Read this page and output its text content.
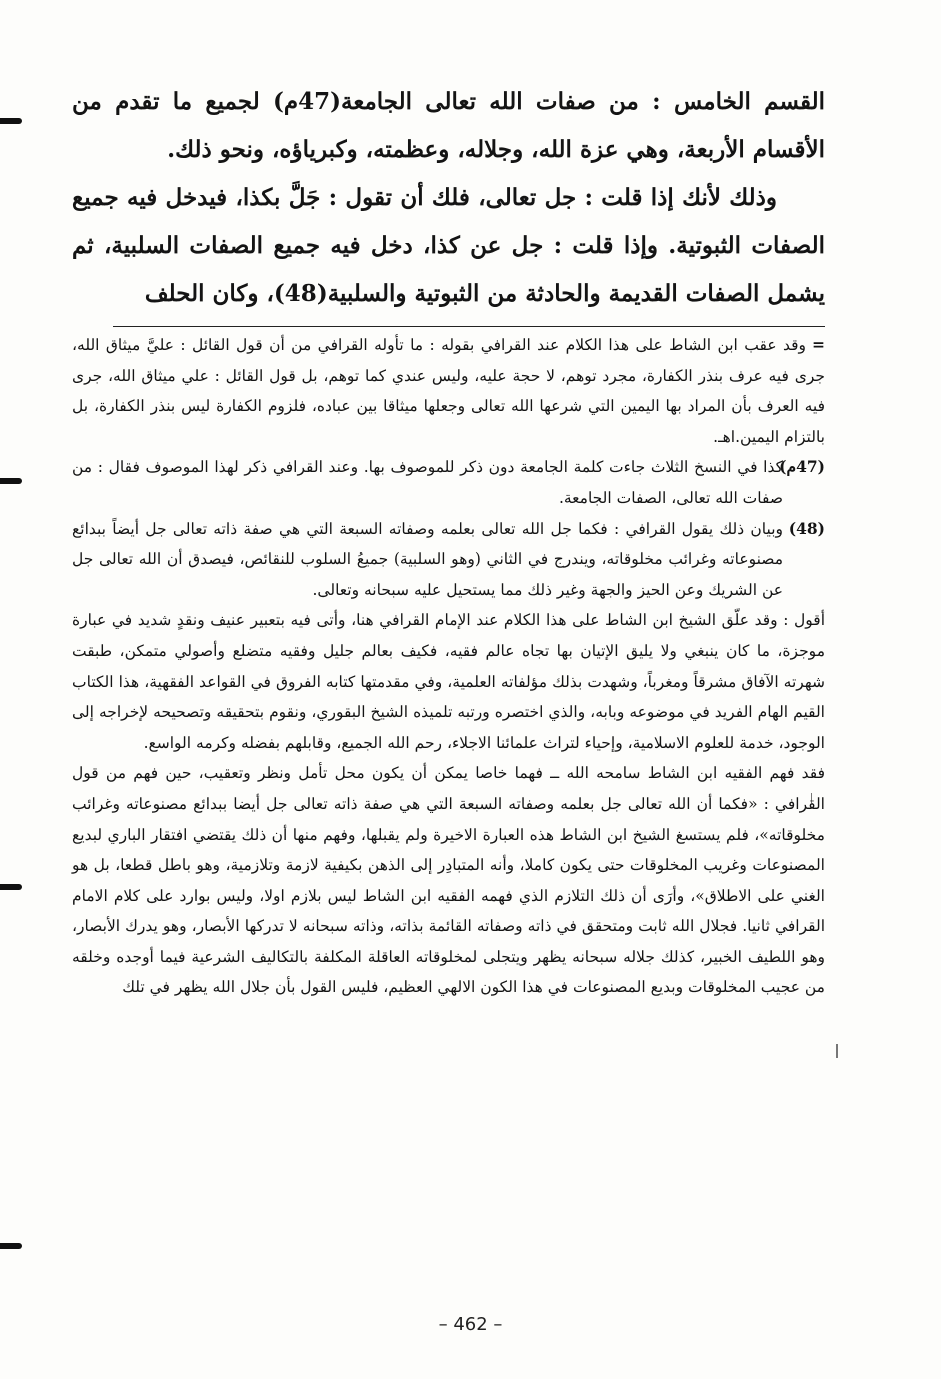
القسم الخامس : من صفات الله تعالى الجامعة(47م) لجميع ما تقدم من الأقسام الأربعة، وهي عزة الله، وجلاله، وعظمته، وكبرياؤه، ونحو ذلك.

وذلك لأنك إذا قلت : جل تعالى، فلك أن تقول : جَلَّ بكذا، فيدخل فيه جميع الصفات الثبوتية. وإذا قلت : جل عن كذا، دخل فيه جميع الصفات السلبية، ثم يشمل الصفات القديمة والحادثة من الثبوتية والسلبية(48)، وكان الحلف

=وقد عقب ابن الشاط على هذا الكلام عند القرافي بقوله : ما تأوله القرافي من أن قول القائل : عليَّ ميثاق الله، جرى فيه عرف بنذر الكفارة، مجرد توهم، لا حجة عليه، وليس عندي كما توهم، بل قول القائل : علي ميثاق الله، جرى فيه العرف بأن المراد بها اليمين التي شرعها الله تعالى وجعلها ميثاقا بين عباده، فلزوم الكفارة ليس بنذر الكفارة، بل بالتزام اليمين.اهـ.

(47م)
كذا في النسخ الثلاث جاءت كلمة الجامعة دون ذكر للموصوف بها. وعند القرافي ذكر لهذا الموصوف فقال : من صفات الله تعالى، الصفات الجامعة.

(48)
وبيان ذلك يقول القرافي : فكما جل الله تعالى بعلمه وصفاته السبعة التي هي صفة ذاته تعالى جل أيضاً ببدائع مصنوعاته وغرائب مخلوقاته، ويندرج في الثاني (وهو السلبية) جميعُ السلوب للنقائص، فيصدق أن الله تعالى جل عن الشريك وعن الحيز والجهة وغير ذلك مما يستحيل عليه سبحانه وتعالى.

أقول : وقد علّق الشيخ ابن الشاط على هذا الكلام عند الإمام القرافي هنا، وأتى فيه بتعبير عنيف ونقدٍ شديد في عبارة موجزة، ما كان ينبغي ولا يليق الإتيان بها تجاه عالم فقيه، فكيف بعالم جليل وفقيه متضلع وأصولي متمكن، طبقت شهرته الآفاق مشرقاً ومغرباً، وشهدت بذلك مؤلفاته العلمية، وفي مقدمتها كتابه الفروق في القواعد الفقهية، هذا الكتاب القيم الهام الفريد في موضوعه وبابه، والذي اختصره ورتبه تلميذه الشيخ البقوري، ونقوم بتحقيقه وتصحيحه لإخراجه إلى الوجود، خدمة للعلوم الاسلامية، وإحياء لتراث علمائنا الاجلاء، رحم الله الجميع، وقابلهم بفضله وكرمه الواسع.

فقد فهم الفقيه ابن الشاط سامحه الله ــ فهما خاصا يمكن أن يكون محل تأمل ونظر وتعقيب، حين فهم من قول القرافي : «فكما أن الله تعالى جل بعلمه وصفاته السبعة التي هي صفة ذاته تعالى جل أيضا ببدائع مصنوعاته وغرائب مخلوقاته»، فلم يستسغ الشيخ ابن الشاط هذه العبارة الاخيرة ولم يقبلها، وفهم منها أن ذلك يقتضي افتقار الباري لبديع المصنوعات وغريب المخلوقات حتى يكون كاملا، وأنه المتبادِر إلى الذهن بكيفية لازمة وتلازمية، وهو باطل قطعا، بل هو الغني على الاطلاق»، وأرَى أن ذلك التلازم الذي فهمه الفقيه ابن الشاط ليس بلازم اولا، وليس بوارد على كلام الامام القرافي ثانيا. فجلال الله ثابت ومتحقق في ذاته وصفاته القائمة بذاته، وذاته سبحانه لا تدركها الأبصار، وهو يدرك الأبصار، وهو اللطيف الخبير، كذلك جلاله سبحانه يظهر ويتجلى لمخلوقاته العاقلة المكلفة بالتكاليف الشرعية فيما أوجده وخلقه من عجيب المخلوقات وبديع المصنوعات في هذا الكون الالهي العظيم، فليس القول بأن جلال الله يظهر في تلك

– 462 –
